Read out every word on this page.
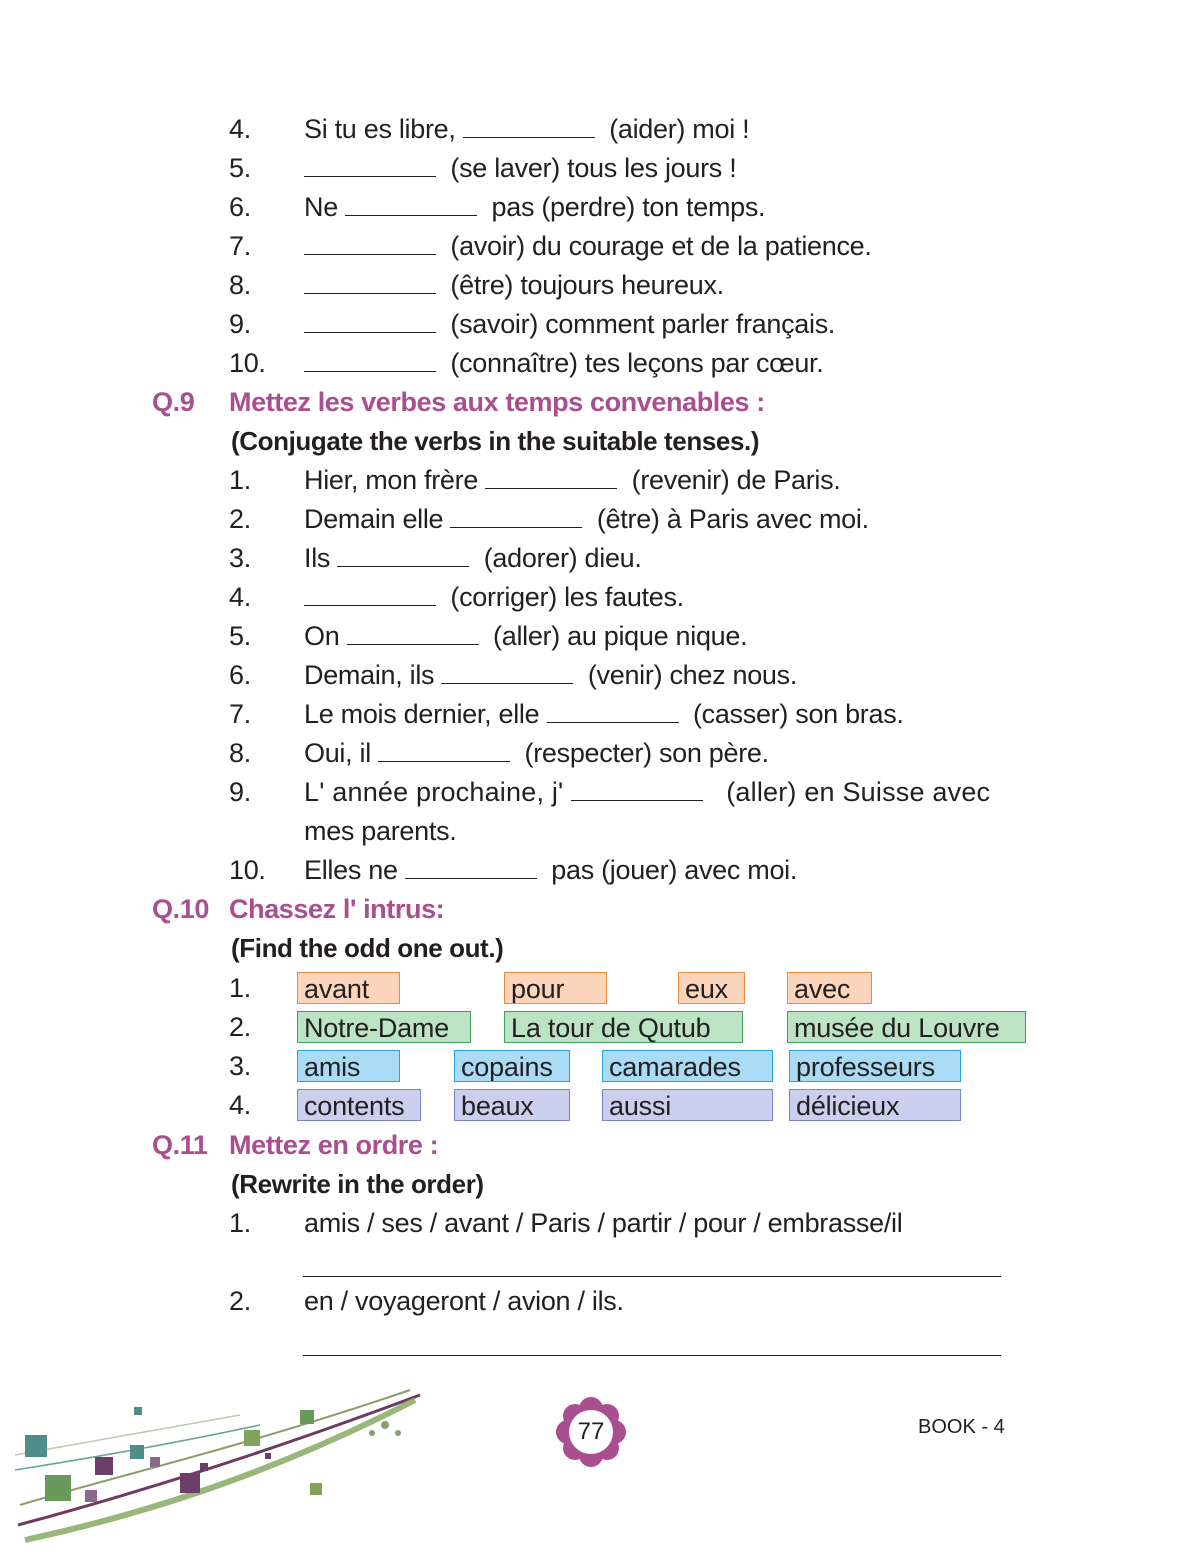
4. Si tu es libre,	(aider) moi !
5.	(se laver) tous les jours !
6. Ne	pas (perdre) ton temps.
7.	(avoir) du courage et de la patience.
8.	(être) toujours heureux.
9.	(savoir) comment parler français.
10.	(connaître) tes leçons par cœur.
Q.9 Mettez les verbes aux temps convenables :
(Conjugate the verbs in the suitable tenses.)
1. Hier, mon frère	(revenir) de Paris.
2. Demain elle	(être) à Paris avec moi.
3. Ils	(adorer) dieu.
4.	(corriger) les fautes.
5. On	(aller) au pique nique.
6. Demain, ils	(venir) chez nous.
7. Le mois dernier, elle	(casser) son bras.
8. Oui, il	(respecter) son père.
9. L' année prochaine, j'	(aller) en Suisse avec
mes parents.
10. Elles ne	pas (jouer) avec moi.
Q.10 Chassez l' intrus:
(Find the odd one out.)
1. avant	pour	eux	avec
2. Notre-Dame	La tour de Qutub	musée du Louvre
3. amis	copains	camarades	professeurs
4. contents	beaux	aussi	délicieux
Q.11 Mettez en ordre :
(Rewrite in the order)
1. amis / ses / avant / Paris / partir / pour / embrasse/il
2. en / voyageront / avion / ils.
77	BOOK - 4
